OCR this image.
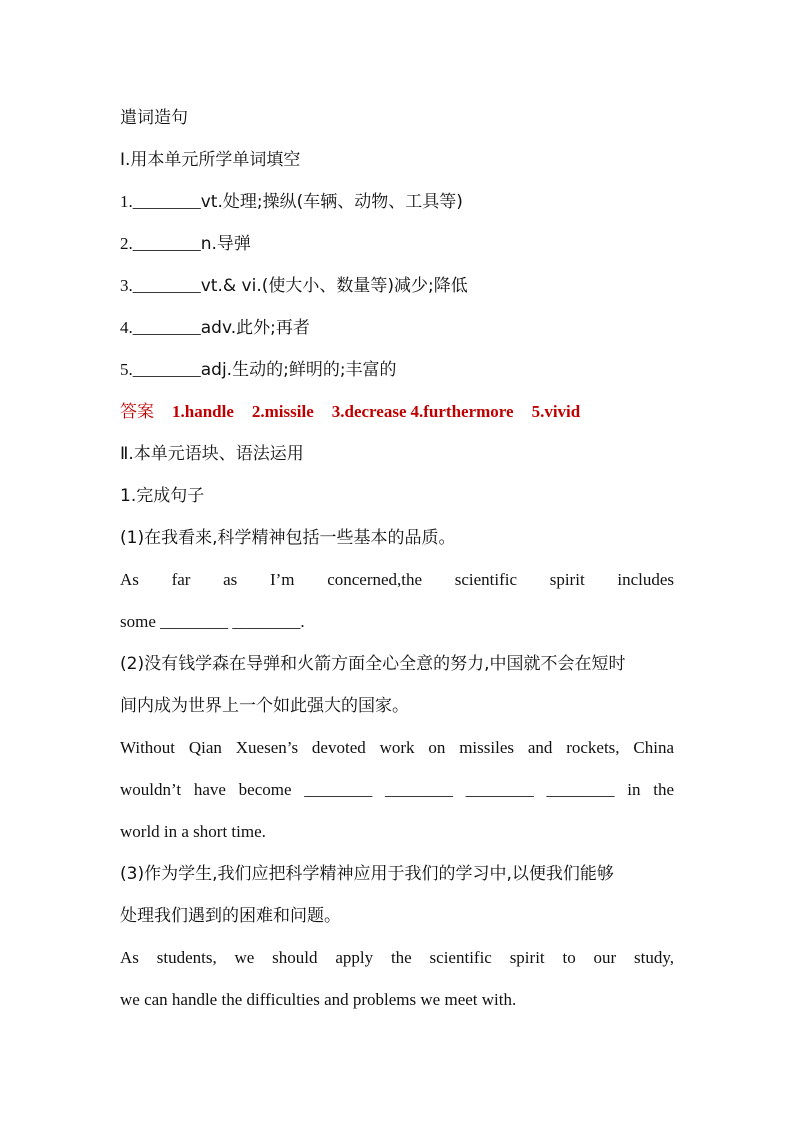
遣词造句
Ⅰ.用本单元所学单词填空
1.________vt.处理;操纵(车辆、动物、工具等)
2.________n.导弹
3.________vt.& vi.(使大小、数量等)减少;降低
4.________adv.此外;再者
5.________adj.生动的;鲜明的;丰富的
答案 1.handle 2.missile 3.decrease 4.furthermore 5.vivid
Ⅱ.本单元语块、语法运用
1.完成句子
(1)在我看来,科学精神包括一些基本的品质。
As far as I’m concerned,the scientific spirit includes
some ________ ________.
(2)没有钱学森在导弹和火箭方面全心全意的努力,中国就不会在短时
间内成为世界上一个如此强大的国家。
Without Qian Xuesen’s devoted work on missiles and rockets, China
wouldn’t have become ________ ________ ________ ________ in the
world in a short time.
(3)作为学生,我们应把科学精神应用于我们的学习中,以便我们能够
处理我们遇到的困难和问题。
As students, we should apply the scientific spirit to our study,
we can handle the difficulties and problems we meet with.
